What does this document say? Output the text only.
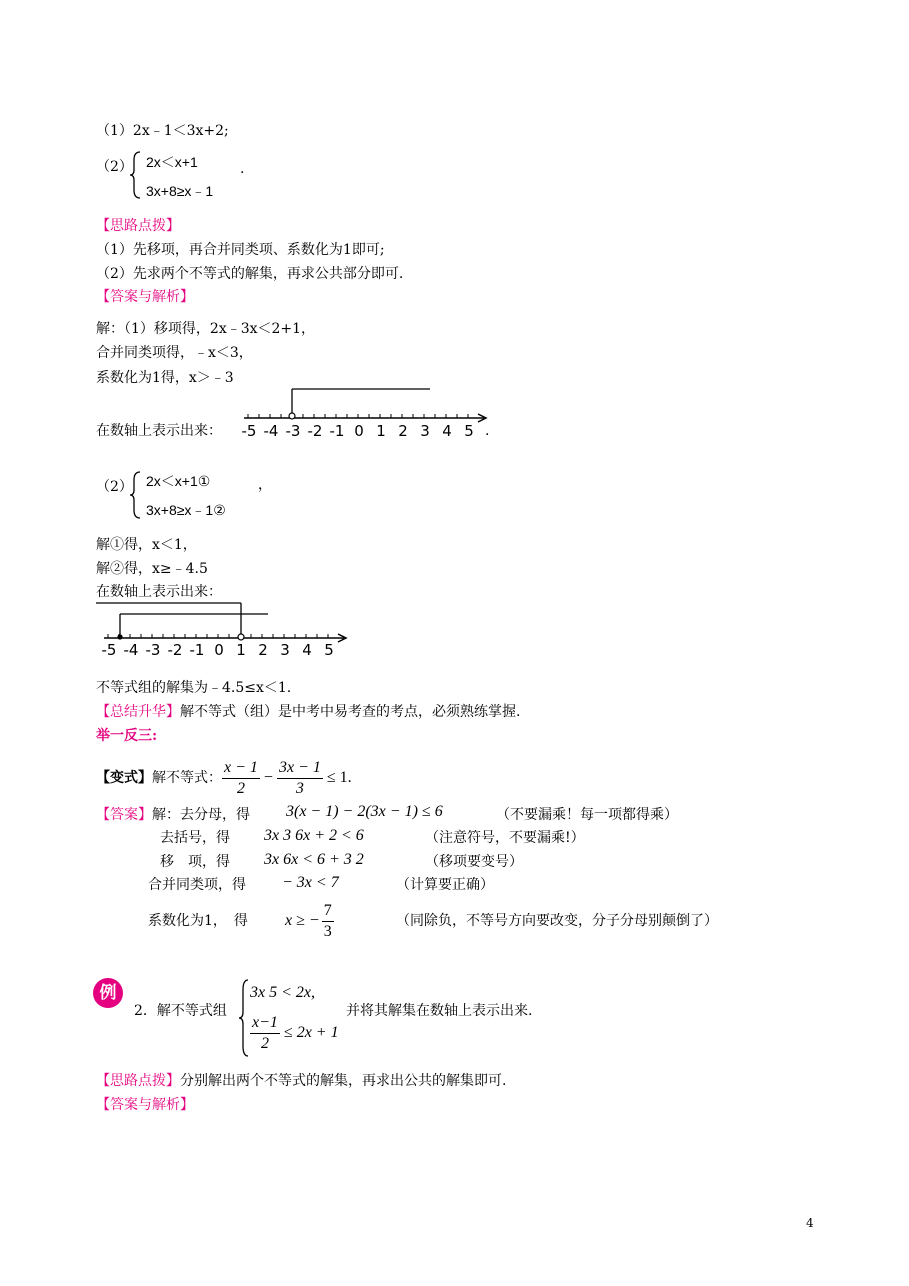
（1）2x﹣1＜3x+2;
（2） 2x＜x+1
3x+8≥x﹣1
.
【思路点拨】
（1）先移项，再合并同类项、系数化为1即可;
（2）先求两个不等式的解集，再求公共部分即可.
【答案与解析】
解：（1）移项得，2x﹣3x＜2+1，
合并同类项得，﹣x＜3，
系数化为1得，x＞﹣3
在数轴上表示出来： -5 -4 -3 -2 -1 0 1 2 3 4 5 .
（2） 2x＜x+1①
3x+8≥x﹣1②
，
解①得，x＜1，
解②得，x≥﹣4.5
在数轴上表示出来：
-5 -4 -3 -2 -1 0 1 2 3 4 5
不等式组的解集为﹣4.5≤x＜1.
【总结升华】解不等式（组）是中考中易考查的考点，必须熟练掌握.
举一反三:
【变式】 解不等式： $\frac{x - 1}{2} - \frac{3x - 1}{3} \le 1$.
【答案】解：去分母，得 3(x − 1) − 2(3x − 1) ≤ 6	（不要漏乘！每一项都得乘）
去括号，得 3x 3 6x + 2 < 6	（注意符号，不要漏乘!）
移　项，得 3x 6x < 6 + 3 2	（移项要变号）
合并同类项，得 − 3x < 7	（计算要正确）
系数化为1，　得 x ≥ − $\frac{7}{3}$	（同除负，不等号方向要改变，分子分母别颠倒了）
例
2．解不等式组
3x 5 < 2x,
$\frac{x-1}{2} \le 2x + 1$
并将其解集在数轴上表示出来.
【思路点拨】分别解出两个不等式的解集，再求出公共的解集即可.
【答案与解析】
4
